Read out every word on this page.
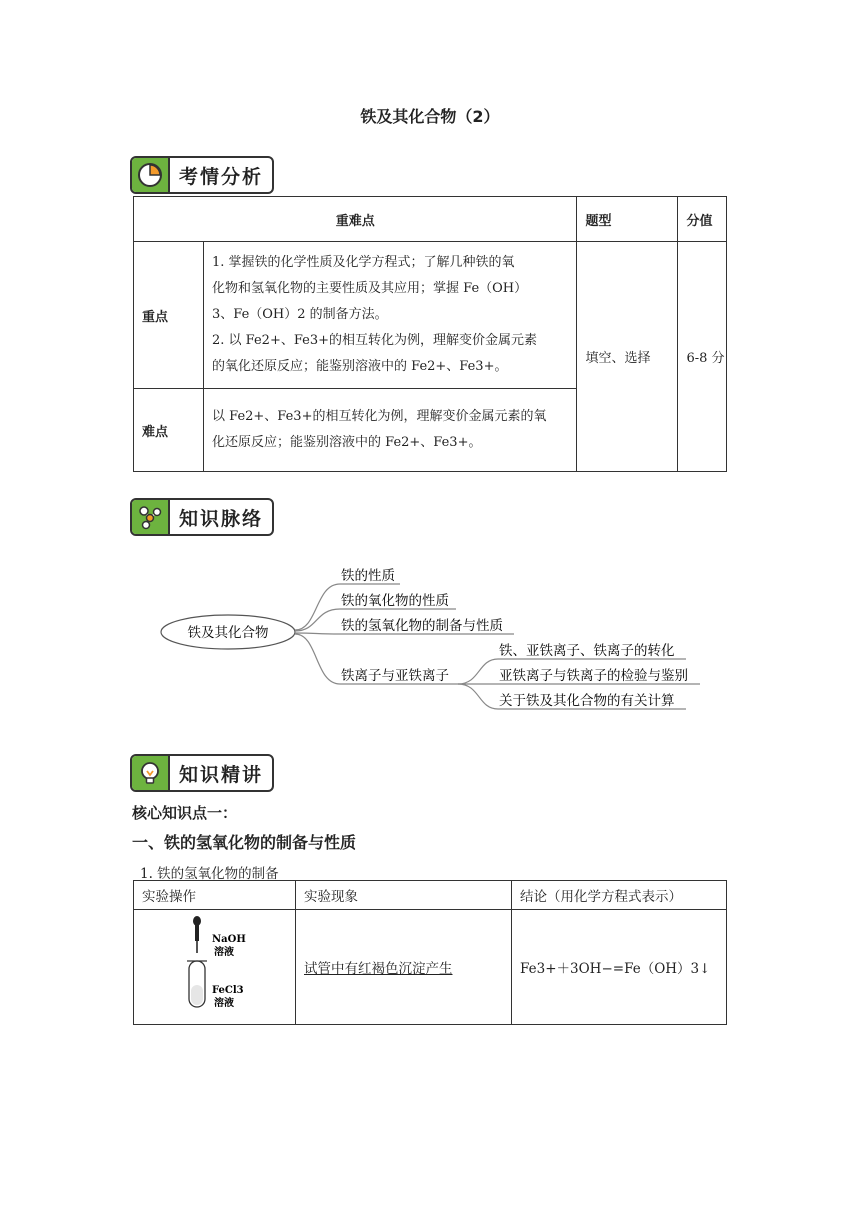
铁及其化合物（2）
考情分析
重难点		题型	分值
重点	1. 掌握铁的化学性质及化学方程式；了解几种铁的氧
化物和氢氧化物的主要性质及其应用；掌握 Fe（OH）
3、Fe（OH）2 的制备方法。
2. 以 Fe2+、Fe3+的相互转化为例，理解变价金属元素
的氧化还原反应；能鉴别溶液中的 Fe2+、Fe3+。	填空、选择	6-8 分
难点	以 Fe2+、Fe3+的相互转化为例，理解变价金属元素的氧
化还原反应；能鉴别溶液中的 Fe2+、Fe3+。		
知识脉络
铁及其化合物
铁的性质
铁的氧化物的性质
铁的氢氧化物的制备与性质
铁离子与亚铁离子
铁、亚铁离子、铁离子的转化
亚铁离子与铁离子的检验与鉴别
关于铁及其化合物的有关计算
知识精讲
核心知识点一：
一、铁的氢氧化物的制备与性质
1. 铁的氢氧化物的制备
实验操作	实验现象	结论（用化学方程式表示）

NaOH
溶液
FeCl3
溶液	试管中有红褐色沉淀产生	Fe3+＋3OH−=Fe（OH）3↓
